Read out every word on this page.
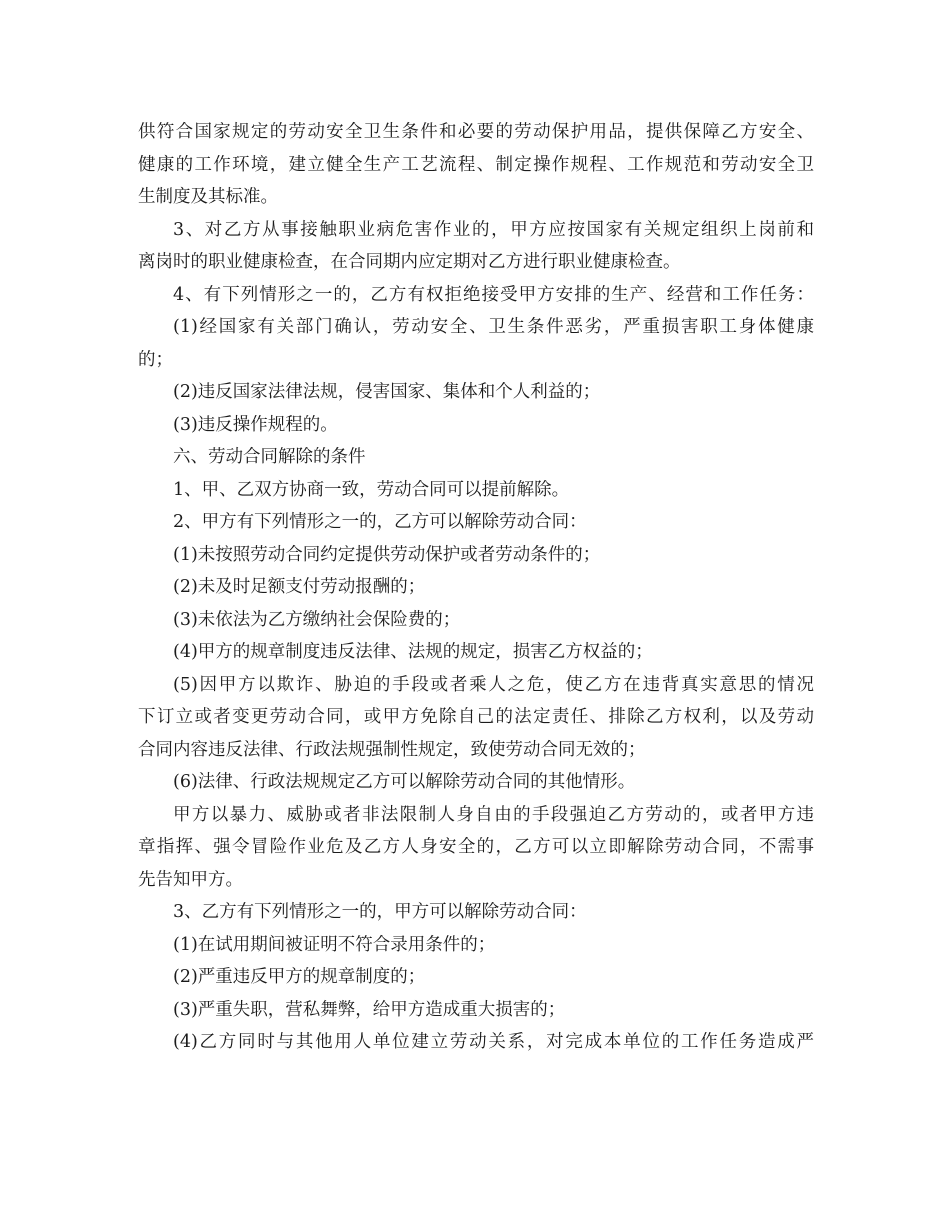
供符合国家规定的劳动安全卫生条件和必要的劳动保护用品，提供保障乙方安全、
健康的工作环境，建立健全生产工艺流程、制定操作规程、工作规范和劳动安全卫
生制度及其标准。
3、对乙方从事接触职业病危害作业的，甲方应按国家有关规定组织上岗前和
离岗时的职业健康检查，在合同期内应定期对乙方进行职业健康检查。
4、有下列情形之一的，乙方有权拒绝接受甲方安排的生产、经营和工作任务：
(1)经国家有关部门确认，劳动安全、卫生条件恶劣，严重损害职工身体健康
的；
(2)违反国家法律法规，侵害国家、集体和个人利益的；
(3)违反操作规程的。
六、劳动合同解除的条件
1、甲、乙双方协商一致，劳动合同可以提前解除。
2、甲方有下列情形之一的，乙方可以解除劳动合同：
(1)未按照劳动合同约定提供劳动保护或者劳动条件的；
(2)未及时足额支付劳动报酬的；
(3)未依法为乙方缴纳社会保险费的；
(4)甲方的规章制度违反法律、法规的规定，损害乙方权益的；
(5)因甲方以欺诈、胁迫的手段或者乘人之危，使乙方在违背真实意思的情况
下订立或者变更劳动合同，或甲方免除自己的法定责任、排除乙方权利，以及劳动
合同内容违反法律、行政法规强制性规定，致使劳动合同无效的；
(6)法律、行政法规规定乙方可以解除劳动合同的其他情形。
甲方以暴力、威胁或者非法限制人身自由的手段强迫乙方劳动的，或者甲方违
章指挥、强令冒险作业危及乙方人身安全的，乙方可以立即解除劳动合同，不需事
先告知甲方。
3、乙方有下列情形之一的，甲方可以解除劳动合同：
(1)在试用期间被证明不符合录用条件的；
(2)严重违反甲方的规章制度的；
(3)严重失职，营私舞弊，给甲方造成重大损害的；
(4)乙方同时与其他用人单位建立劳动关系，对完成本单位的工作任务造成严
